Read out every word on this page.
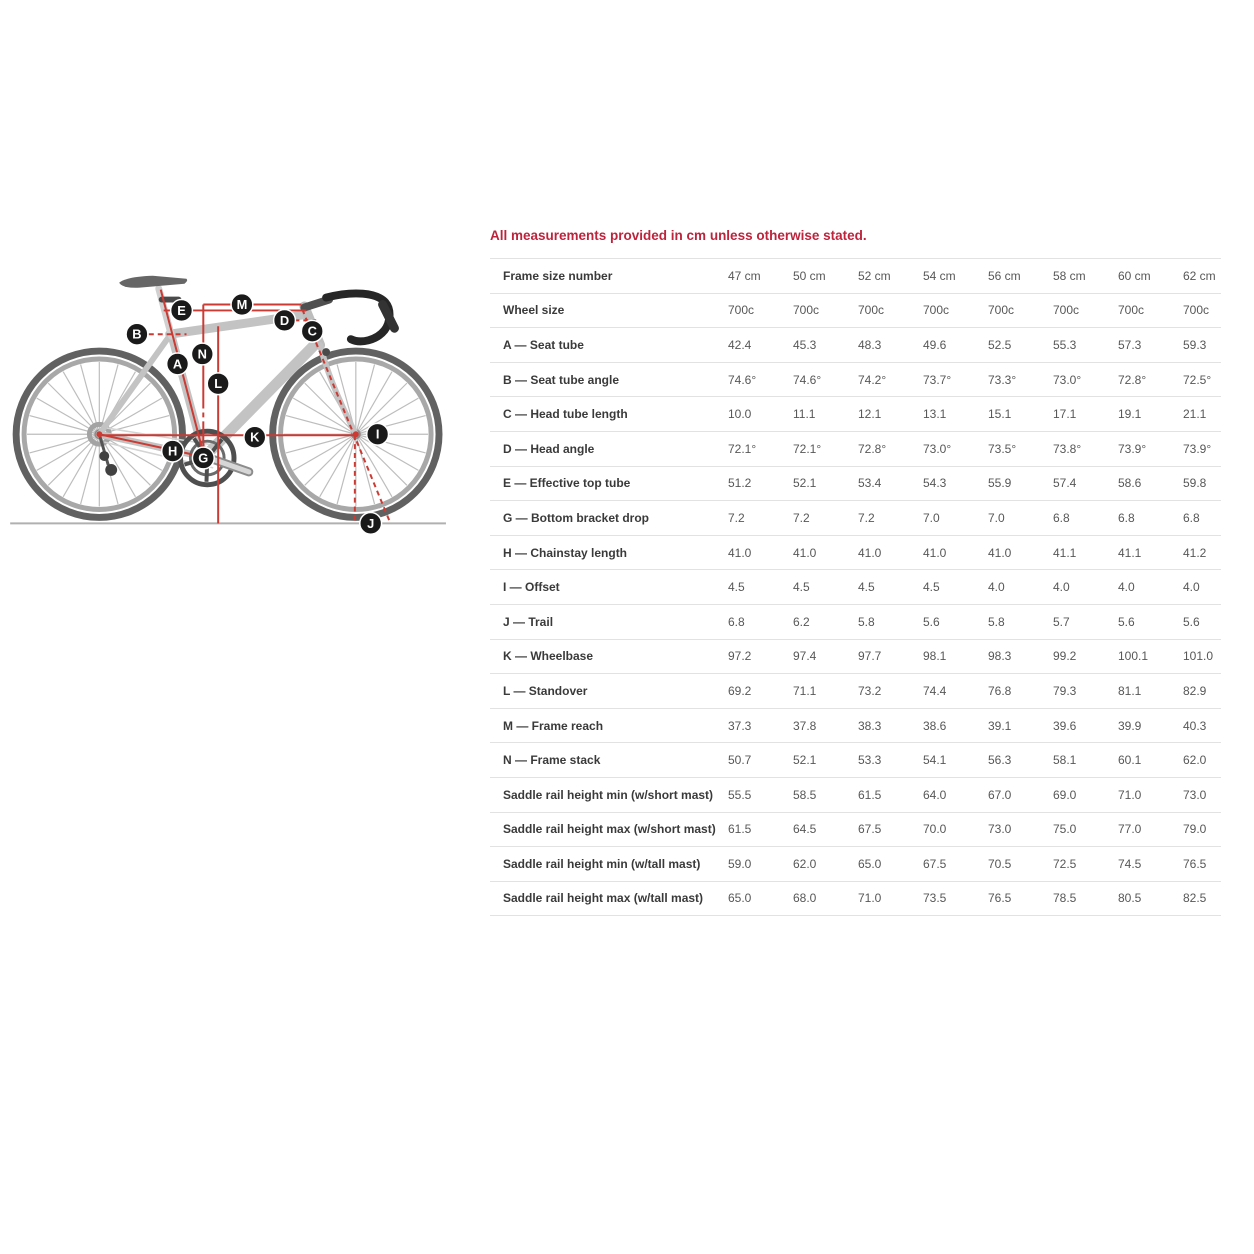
A
B	C
D
E
G
H
I
J
K
L
M
N

All measurements provided in cm unless otherwise stated.

Frame size number	47 cm	50 cm	52 cm	54 cm	56 cm	58 cm	60 cm	62 cm
Wheel size	700c	700c	700c	700c	700c	700c	700c	700c
A — Seat tube	42.4	45.3	48.3	49.6	52.5	55.3	57.3	59.3
B — Seat tube angle	74.6°	74.6°	74.2°	73.7°	73.3°	73.0°	72.8°	72.5°
C — Head tube length	10.0	11.1	12.1	13.1	15.1	17.1	19.1	21.1
D — Head angle	72.1°	72.1°	72.8°	73.0°	73.5°	73.8°	73.9°	73.9°
E — Effective top tube	51.2	52.1	53.4	54.3	55.9	57.4	58.6	59.8
G — Bottom bracket drop	7.2	7.2	7.2	7.0	7.0	6.8	6.8	6.8
H — Chainstay length	41.0	41.0	41.0	41.0	41.0	41.1	41.1	41.2
I — Offset	4.5	4.5	4.5	4.5	4.0	4.0	4.0	4.0
J — Trail	6.8	6.2	5.8	5.6	5.8	5.7	5.6	5.6
K — Wheelbase	97.2	97.4	97.7	98.1	98.3	99.2	100.1	101.0
L — Standover	69.2	71.1	73.2	74.4	76.8	79.3	81.1	82.9
M — Frame reach	37.3	37.8	38.3	38.6	39.1	39.6	39.9	40.3
N — Frame stack	50.7	52.1	53.3	54.1	56.3	58.1	60.1	62.0
Saddle rail height min (w/short mast)	55.5	58.5	61.5	64.0	67.0	69.0	71.0	73.0
Saddle rail height max (w/short mast)	61.5	64.5	67.5	70.0	73.0	75.0	77.0	79.0
Saddle rail height min (w/tall mast)	59.0	62.0	65.0	67.5	70.5	72.5	74.5	76.5
Saddle rail height max (w/tall mast)	65.0	68.0	71.0	73.5	76.5	78.5	80.5	82.5
